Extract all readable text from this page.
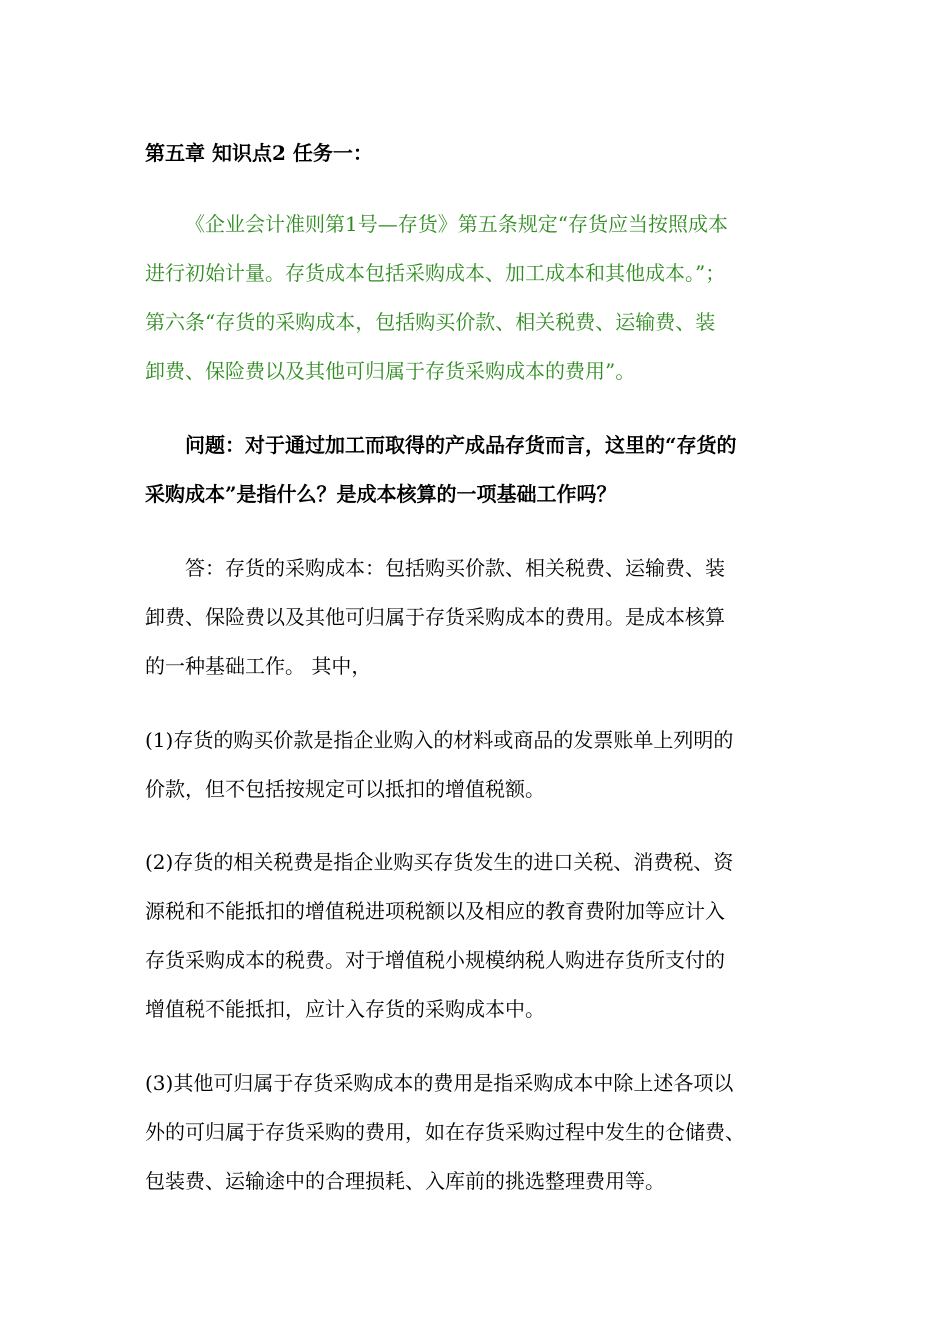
第五章 知识点2 任务一：

《企业会计准则第1号—存货》第五条规定“存货应当按照成本
进行初始计量。存货成本包括采购成本、加工成本和其他成本。”；
第六条“存货的采购成本，包括购买价款、相关税费、运输费、装
卸费、保险费以及其他可归属于存货采购成本的费用”。

问题：对于通过加工而取得的产成品存货而言，这里的“存货的
采购成本”是指什么？是成本核算的一项基础工作吗？

答：存货的采购成本：包括购买价款、相关税费、运输费、装
卸费、保险费以及其他可归属于存货采购成本的费用。是成本核算
的一种基础工作。 其中，

(1)存货的购买价款是指企业购入的材料或商品的发票账单上列明的
价款，但不包括按规定可以抵扣的增值税额。

(2)存货的相关税费是指企业购买存货发生的进口关税、消费税、资
源税和不能抵扣的增值税进项税额以及相应的教育费附加等应计入
存货采购成本的税费。对于增值税小规模纳税人购进存货所支付的
增值税不能抵扣，应计入存货的采购成本中。

(3)其他可归属于存货采购成本的费用是指采购成本中除上述各项以
外的可归属于存货采购的费用，如在存货采购过程中发生的仓储费、
包装费、运输途中的合理损耗、入库前的挑选整理费用等。
